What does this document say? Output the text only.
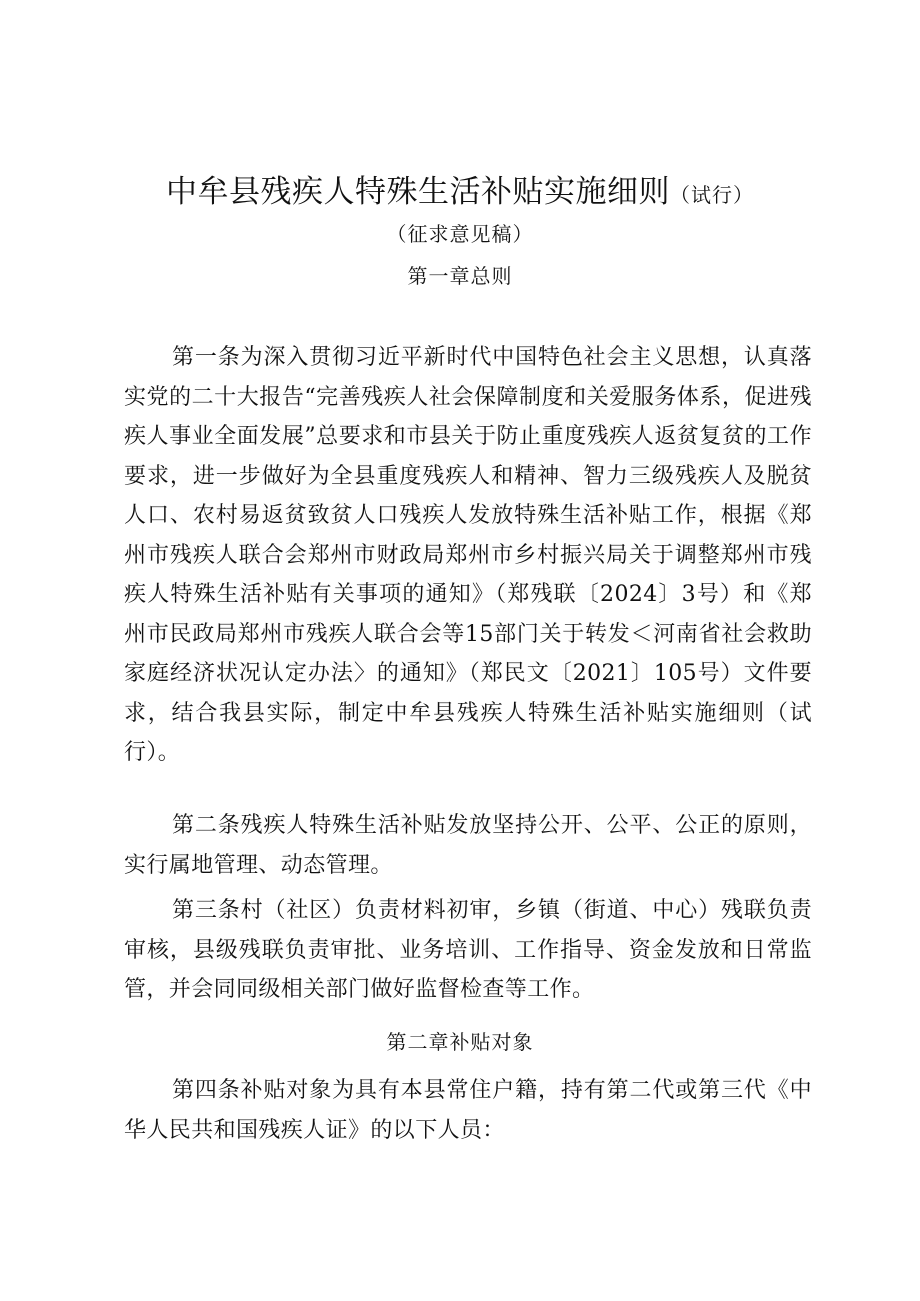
中牟县残疾人特殊生活补贴实施细则（试行）
（征求意见稿）
第一章总则

第一条为深入贯彻习近平新时代中国特色社会主义思想，认真落实党的二十大报告“完善残疾人社会保障制度和关爱服务体系，促进残疾人事业全面发展”总要求和市县关于防止重度残疾人返贫复贫的工作要求，进一步做好为全县重度残疾人和精神、智力三级残疾人及脱贫人口、农村易返贫致贫人口残疾人发放特殊生活补贴工作，根据《郑州市残疾人联合会郑州市财政局郑州市乡村振兴局关于调整郑州市残疾人特殊生活补贴有关事项的通知》（郑残联〔2024〕3号）和《郑州市民政局郑州市残疾人联合会等15部门关于转发＜河南省社会救助家庭经济状况认定办法〉的通知》（郑民文〔2021〕105号）文件要求，结合我县实际，制定中牟县残疾人特殊生活补贴实施细则（试行）。

第二条残疾人特殊生活补贴发放坚持公开、公平、公正的原则，实行属地管理、动态管理。

第三条村（社区）负责材料初审，乡镇（街道、中心）残联负责审核，县级残联负责审批、业务培训、工作指导、资金发放和日常监管，并会同同级相关部门做好监督检查等工作。

第二章补贴对象

第四条补贴对象为具有本县常住户籍，持有第二代或第三代《中华人民共和国残疾人证》的以下人员：
